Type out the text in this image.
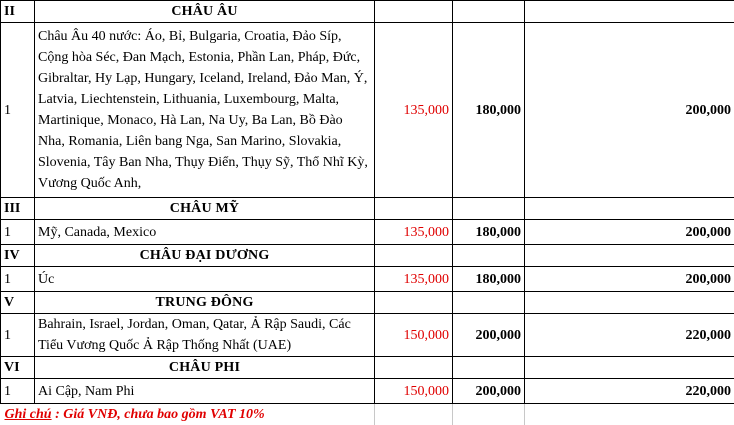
II	CHÂU ÂU			
1	Châu Âu 40 nước: Áo, Bỉ, Bulgaria, Croatia, Đảo Síp, Cộng hòa Séc, Đan Mạch, Estonia, Phần Lan, Pháp, Đức, Gibraltar, Hy Lạp, Hungary, Iceland, Ireland, Đảo Man, Ý, Latvia, Liechtenstein, Lithuania, Luxembourg, Malta, Martinique, Monaco, Hà Lan, Na Uy, Ba Lan, Bồ Đào Nha, Romania, Liên bang Nga, San Marino, Slovakia, Slovenia, Tây Ban Nha, Thụy Điển, Thụy Sỹ, Thổ Nhĩ Kỳ, Vương Quốc Anh,	135,000	180,000	200,000
III	CHÂU MỸ			
1	Mỹ, Canada, Mexico	135,000	180,000	200,000
IV	CHÂU ĐẠI DƯƠNG			
1	Úc	135,000	180,000	200,000
V	TRUNG ĐÔNG			
1	Bahrain, Israel, Jordan, Oman, Qatar, Ả Rập Saudi, Các Tiểu Vương Quốc Ả Rập Thống Nhất (UAE)	150,000	200,000	220,000
VI	CHÂU PHI			
1	Ai Cập, Nam Phi	150,000	200,000	220,000
Ghi chú : Giá VNĐ, chưa bao gồm VAT 10%				
